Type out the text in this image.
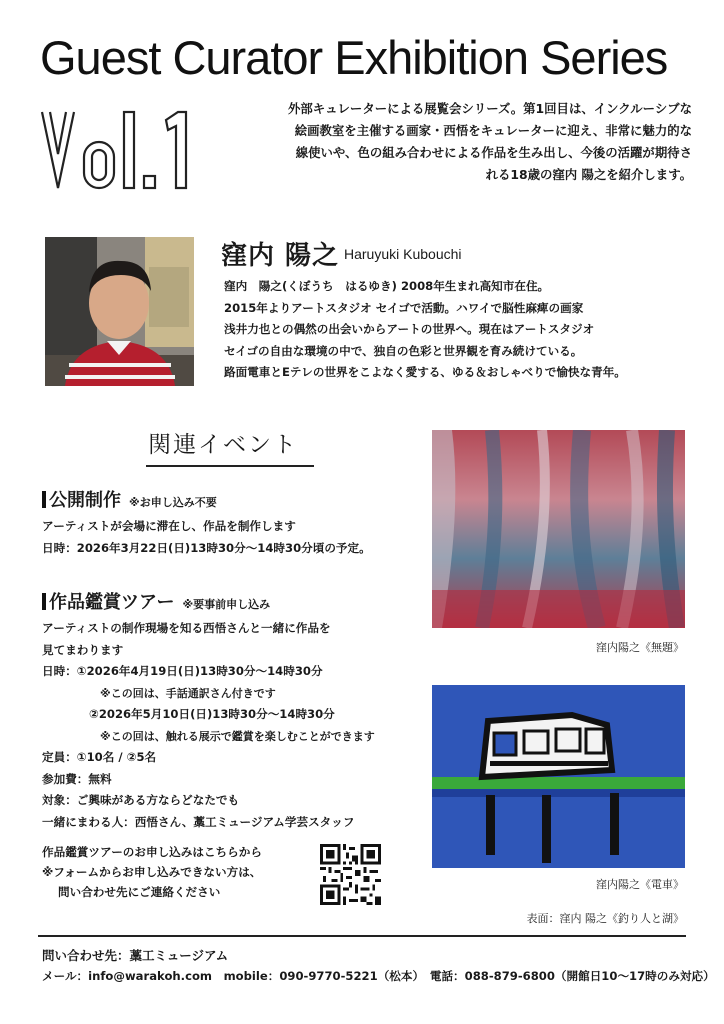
Guest Curator Exhibition Series
外部キュレーターによる展覧会シリーズ。第1回目は、インクルーシブな
絵画教室を主催する画家・西悟をキュレーターに迎え、非常に魅力的な
線使いや、色の組み合わせによる作品を生み出し、今後の活躍が期待さ
れる18歳の窪内 陽之を紹介します。
窪内 陽之 Haruyuki Kubouchi
窪内　陽之(くぼうち　はるゆき) 2008年生まれ高知市在住。
2015年よりアートスタジオ セイゴで活動。ハワイで脳性麻痺の画家
浅井力也との偶然の出会いからアートの世界へ。現在はアートスタジオ
セイゴの自由な環境の中で、独自の色彩と世界観を育み続けている。
路面電車とEテレの世界をこよなく愛する、ゆる＆おしゃべりで愉快な青年。
関連イベント
公開制作 ※お申し込み不要
アーティストが会場に滞在し、作品を制作します
日時：2026年3月22日(日)13時30分～14時30分頃の予定。
作品鑑賞ツアー ※要事前申し込み
アーティストの制作現場を知る西悟さんと一緒に作品を
見てまわります
日時：①2026年4月19日(日)13時30分～14時30分
※この回は、手話通訳さん付きです
②2026年5月10日(日)13時30分～14時30分
※この回は、触れる展示で鑑賞を楽しむことができます
定員：①10名 / ②5名
参加費：無料
対象：ご興味がある方ならどなたでも
一緒にまわる人：西悟さん、藁工ミュージアム学芸スタッフ
作品鑑賞ツアーのお申し込みはこちらから
※フォームからお申し込みできない方は、
問い合わせ先にご連絡ください
窪内陽之《無題》
窪内陽之《電車》
表面：窪内 陽之《釣り人と湖》
問い合わせ先：藁工ミュージアム
メール：info@warakoh.com　mobile：090-9770-5221（松本）　電話：088-879-6800（開館日10～17時のみ対応）
